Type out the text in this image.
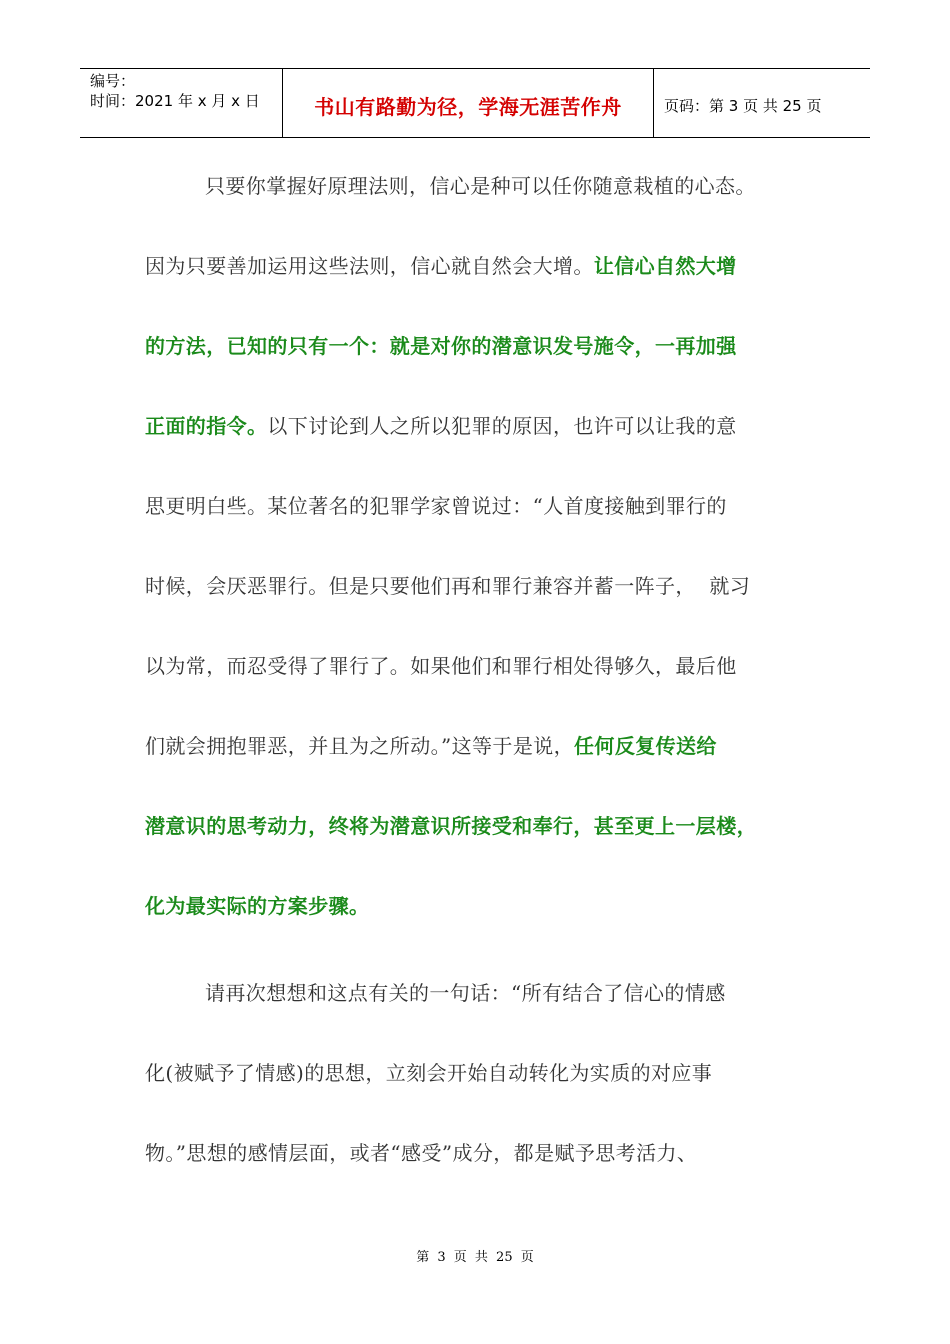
编号：
时间：2021 年 x 月 x 日	书山有路勤为径，学海无涯苦作舟	页码：第 3 页 共 25 页
只要你掌握好原理法则，信心是种可以任你随意栽植的心态。
因为只要善加运用这些法则，信心就自然会大增。让信心自然大增
的方法，已知的只有一个：就是对你的潜意识发号施令，一再加强
正面的指令。以下讨论到人之所以犯罪的原因，也许可以让我的意
思更明白些。某位著名的犯罪学家曾说过：“人首度接触到罪行的
时候，会厌恶罪行。但是只要他们再和罪行兼容并蓄一阵子，  就习
以为常，而忍受得了罪行了。如果他们和罪行相处得够久，最后他
们就会拥抱罪恶，并且为之所动。”这等于是说，任何反复传送给
潜意识的思考动力，终将为潜意识所接受和奉行，甚至更上一层楼，
化为最实际的方案步骤。
请再次想想和这点有关的一句话：“所有结合了信心的情感
化(被赋予了情感)的思想，立刻会开始自动转化为实质的对应事
物。”思想的感情层面，或者“感受”成分，都是赋予思考活力、
第 3 页 共 25 页
